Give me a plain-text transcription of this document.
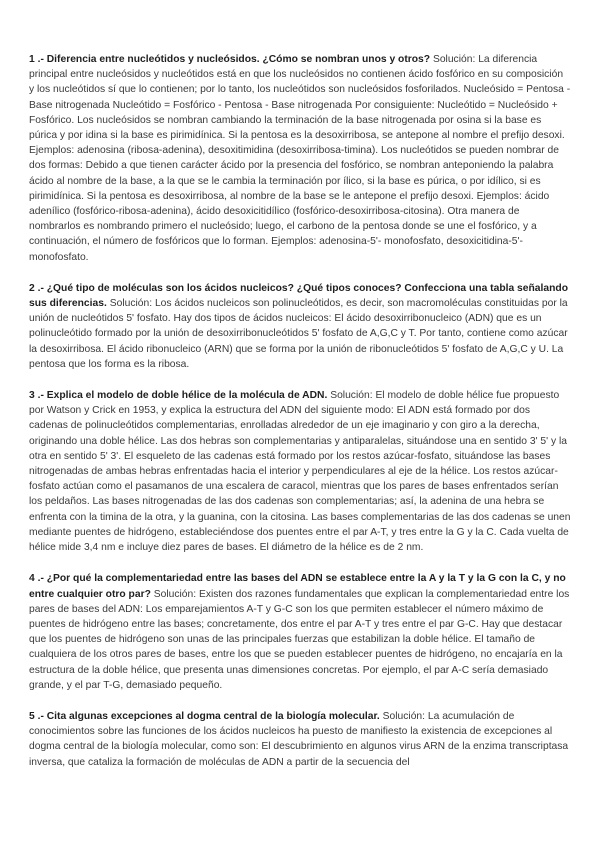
1 .- Diferencia entre nucleótidos y nucleósidos. ¿Cómo se nombran unos y otros? Solución: La diferencia principal entre nucleósidos y nucleótidos está en que los nucleósidos no contienen ácido fosfórico en su composición y los nucleótidos sí que lo contienen; por lo tanto, los nucleótidos son nucleósidos fosforilados. Nucleósido = Pentosa - Base nitrogenada Nucleótido = Fosfórico - Pentosa - Base nitrogenada Por consiguiente: Nucleótido = Nucleósido + Fosfórico. Los nucleósidos se nombran cambiando la terminación de la base nitrogenada por osina si la base es púrica y por idina si la base es pirimidínica. Si la pentosa es la desoxirribosa, se antepone al nombre el prefijo desoxi. Ejemplos: adenosina (ribosa-adenina), desoxitimidina (desoxirribosa-timina). Los nucleótidos se pueden nombrar de dos formas: Debido a que tienen carácter ácido por la presencia del fosfórico, se nombran anteponiendo la palabra ácido al nombre de la base, a la que se le cambia la terminación por ílico, si la base es púrica, o por idílico, si es pirimidínica. Si la pentosa es desoxirribosa, al nombre de la base se le antepone el prefijo desoxi. Ejemplos: ácido adenílico (fosfórico-ribosa-adenina), ácido desoxicitidílico (fosfórico-desoxirribosa-citosina). Otra manera de nombrarlos es nombrando primero el nucleósido; luego, el carbono de la pentosa donde se une el fosfórico, y a continuación, el número de fosfóricos que lo forman. Ejemplos: adenosina-5'- monofosfato, desoxicitidina-5'-monofosfato.

2 .- ¿Qué tipo de moléculas son los ácidos nucleicos? ¿Qué tipos conoces? Confecciona una tabla señalando sus diferencias. Solución: Los ácidos nucleicos son polinucleótidos, es decir, son macromoléculas constituidas por la unión de nucleótidos 5' fosfato. Hay dos tipos de ácidos nucleicos: El ácido desoxirribonucleico (ADN) que es un polinucleótido formado por la unión de desoxirribonucleótidos 5' fosfato de A,G,C y T. Por tanto, contiene como azúcar la desoxirribosa. El ácido ribonucleico (ARN) que se forma por la unión de ribonucleótidos 5' fosfato de A,G,C y U. La pentosa que los forma es la ribosa.

3 .- Explica el modelo de doble hélice de la molécula de ADN. Solución: El modelo de doble hélice fue propuesto por Watson y Crick en 1953, y explica la estructura del ADN del siguiente modo: El ADN está formado por dos cadenas de polinucleótidos complementarias, enrolladas alrededor de un eje imaginario y con giro a la derecha, originando una doble hélice. Las dos hebras son complementarias y antiparalelas, situándose una en sentido 3' 5' y la otra en sentido 5' 3'. El esqueleto de las cadenas está formado por los restos azúcar-fosfato, situándose las bases nitrogenadas de ambas hebras enfrentadas hacia el interior y perpendiculares al eje de la hélice. Los restos azúcar-fosfato actúan como el pasamanos de una escalera de caracol, mientras que los pares de bases enfrentados serían los peldaños. Las bases nitrogenadas de las dos cadenas son complementarias; así, la adenina de una hebra se enfrenta con la timina de la otra, y la guanina, con la citosina. Las bases complementarias de las dos cadenas se unen mediante puentes de hidrógeno, estableciéndose dos puentes entre el par A-T, y tres entre la G y la C. Cada vuelta de hélice mide 3,4 nm e incluye diez pares de bases. El diámetro de la hélice es de 2 nm.

4 .- ¿Por qué la complementariedad entre las bases del ADN se establece entre la A y la T y la G con la C, y no entre cualquier otro par? Solución: Existen dos razones fundamentales que explican la complementariedad entre los pares de bases del ADN: Los emparejamientos A-T y G-C son los que permiten establecer el número máximo de puentes de hidrógeno entre las bases; concretamente, dos entre el par A-T y tres entre el par G-C. Hay que destacar que los puentes de hidrógeno son unas de las principales fuerzas que estabilizan la doble hélice. El tamaño de cualquiera de los otros pares de bases, entre los que se pueden establecer puentes de hidrógeno, no encajaría en la estructura de la doble hélice, que presenta unas dimensiones concretas. Por ejemplo, el par A-C sería demasiado grande, y el par T-G, demasiado pequeño.

5 .- Cita algunas excepciones al dogma central de la biología molecular. Solución: La acumulación de conocimientos sobre las funciones de los ácidos nucleicos ha puesto de manifiesto la existencia de excepciones al dogma central de la biología molecular, como son: El descubrimiento en algunos virus ARN de la enzima transcriptasa inversa, que cataliza la formación de moléculas de ADN a partir de la secuencia del
